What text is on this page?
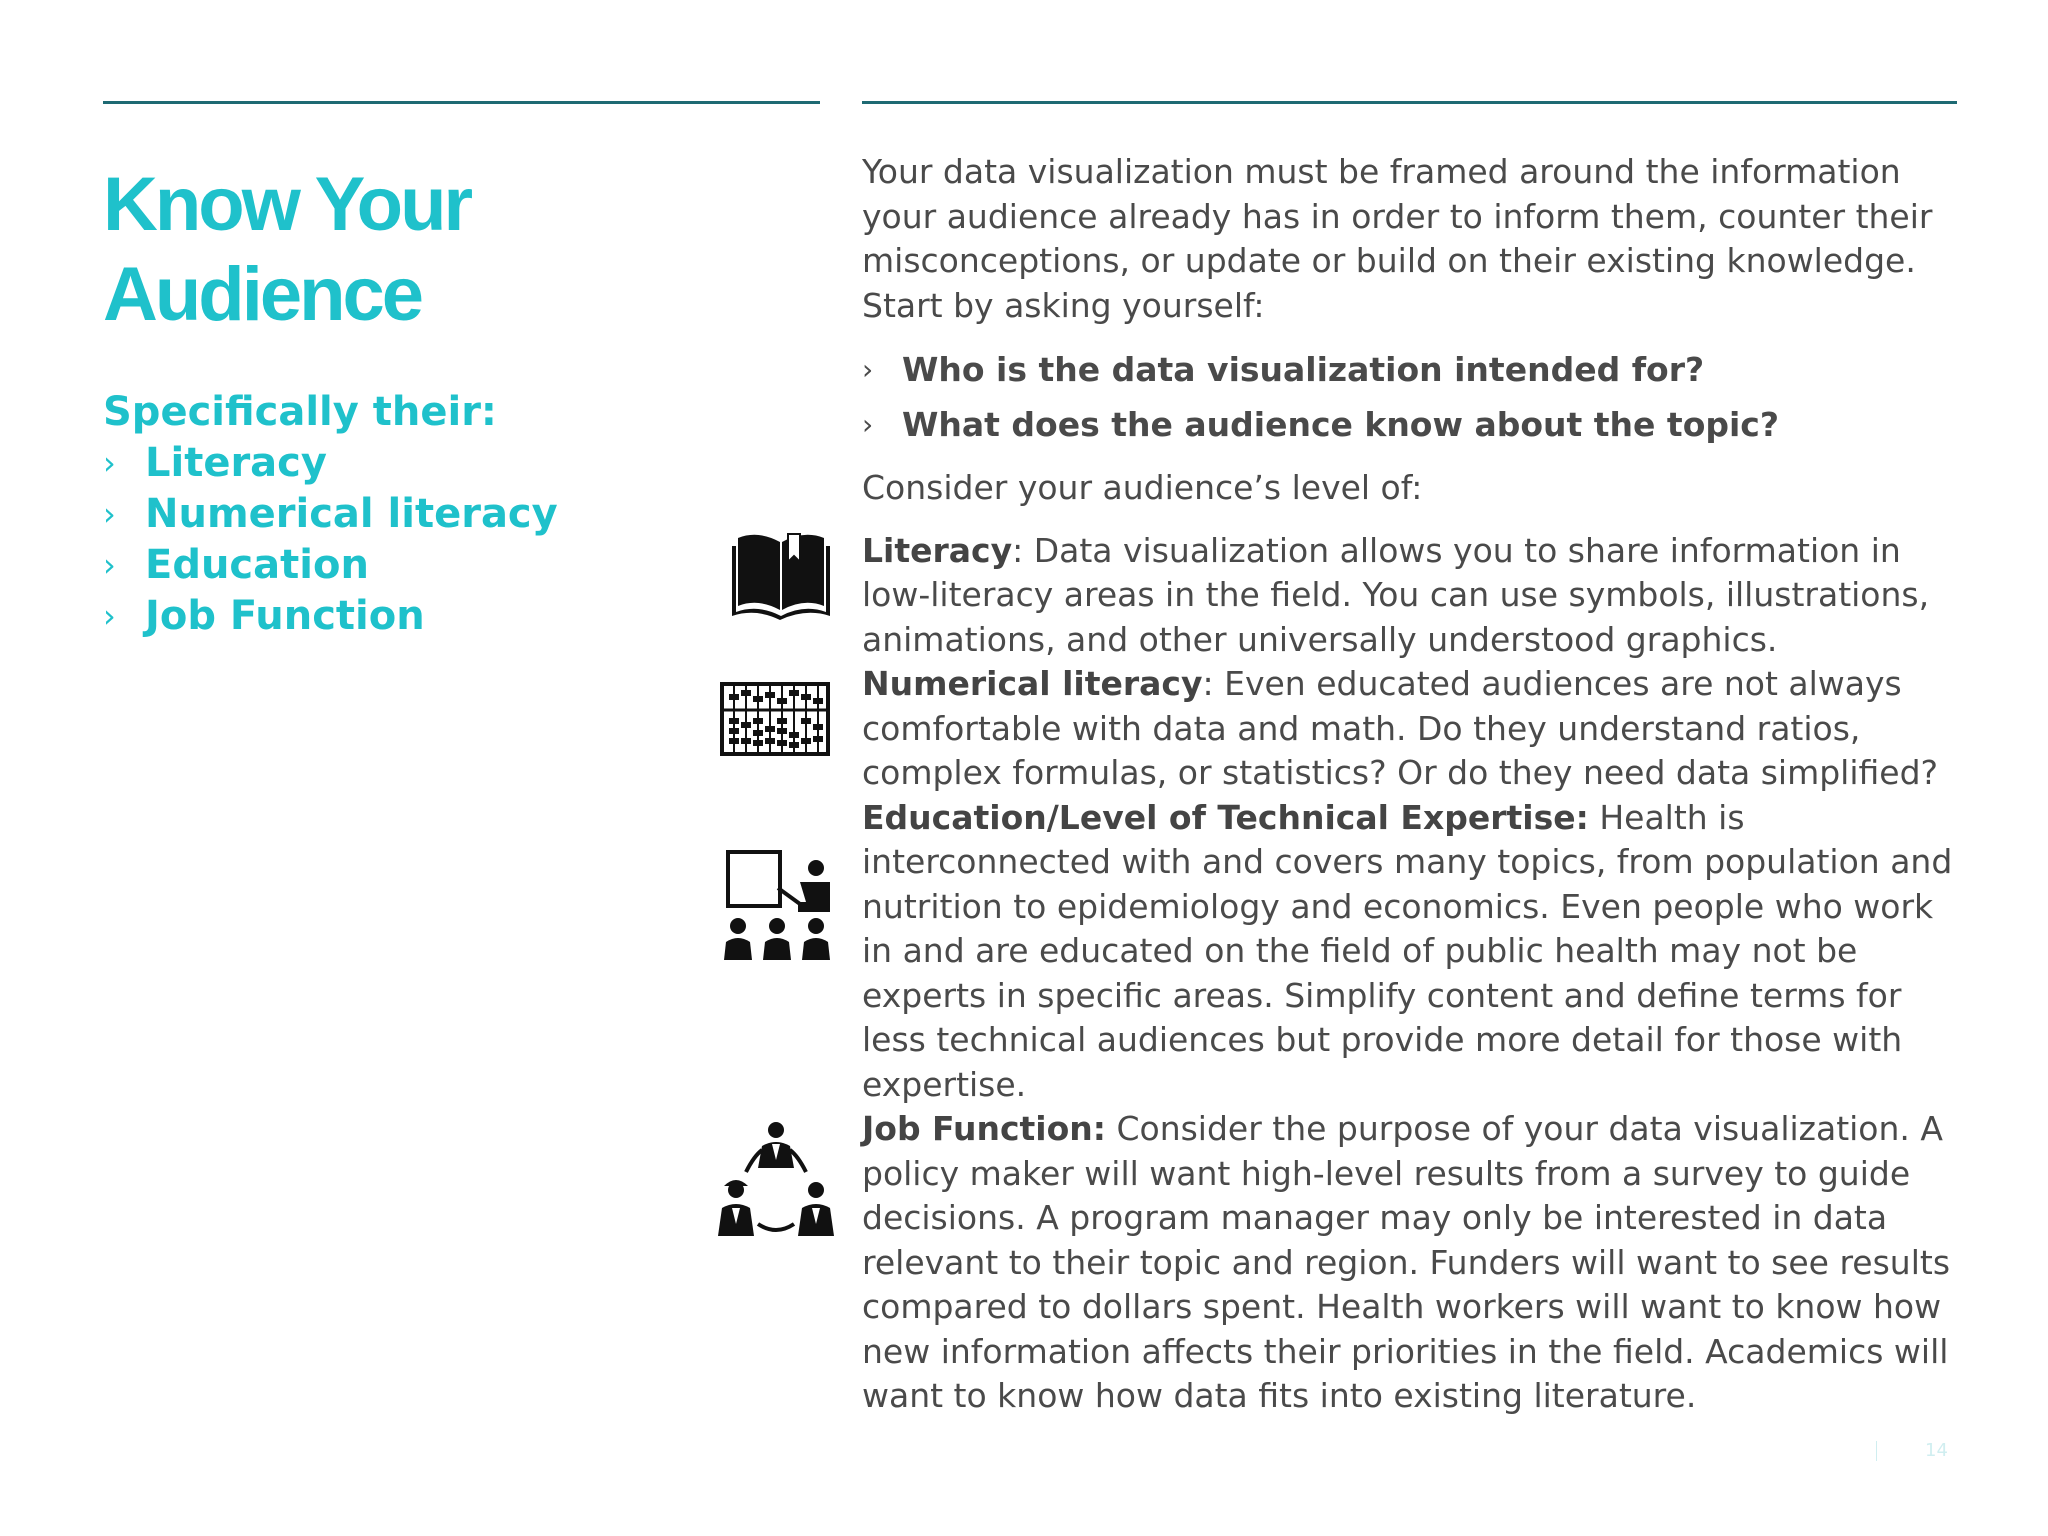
Know Your
Audience
Specifically their:
› Literacy
› Numerical literacy
› Education
› Job Function

Your data visualization must be framed around the information your audience already has in order to inform them, counter their misconceptions, or update or build on their existing knowledge. Start by asking yourself:

› Who is the data visualization intended for?
› What does the audience know about the topic?

Consider your audience’s level of:

Literacy: Data visualization allows you to share information in low-literacy areas in the field. You can use symbols, illustrations, animations, and other universally understood graphics.

Numerical literacy: Even educated audiences are not always comfortable with data and math. Do they understand ratios, complex formulas, or statistics? Or do they need data simplified?

Education/Level of Technical Expertise: Health is interconnected with and covers many topics, from population and nutrition to epidemiology and economics. Even people who work in and are educated on the field of public health may not be experts in specific areas. Simplify content and define terms for less technical audiences but provide more detail for those with expertise.

Job Function: Consider the purpose of your data visualization. A policy maker will want high-level results from a survey to guide decisions. A program manager may only be interested in data relevant to their topic and region. Funders will want to see results compared to dollars spent. Health workers will want to know how new information affects their priorities in the field. Academics will want to know how data fits into existing literature.

14
